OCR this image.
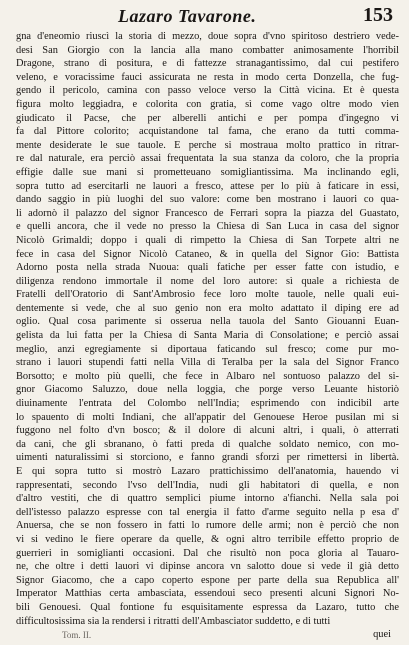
Lazaro Tavarone.	153
gna d'eneomio riuscì la storia di mezzo, doue sopra d'vno spiritoso destriero vede-
desi San Giorgio con la lancia alla mano combatter animosamente l'horribil
Dragone, strano di positura, e di fattezze stranagantissimo, dal cui pestifero
veleno, e voracissime fauci assicurata ne resta in modo certa Donzella, che fug-
gendo il pericolo, camina con passo veloce verso la Città vicina. Et è questa
figura molto leggiadra, e colorita con gratia, sì come vago oltre modo vien
giudicato il Pacse, che per alberelli antichi e per pompa d'ingegno vi
fa dal Pittore colorito; acquistandone tal fama, che erano da tutti comma-
mente desiderate le sue tauole. E perche si mostraua molto prattico in ritrar-
re dal naturale, era perciò assai frequentata la sua stanza da coloro, che la propria
effigie dalle sue mani si prometteuano somigliantissima. Ma inclinando egli,
sopra tutto ad esercitarli ne lauori a fresco, attese per lo più à faticare in essi,
dando saggio in più luoghi del suo valore: come ben mostrano i lauori co qua-
li adornò il palazzo del signor Francesco de Ferrari sopra la piazza del Guastato,
e quelli ancora, che il vede no presso la Chiesa di San Luca in casa del signor
Nicolò Grimaldi; doppo i quali di rimpetto la Chiesa di San Torpete altri ne
fece in casa del Signor Nicolò Cataneo, & in quella del Signor Gio: Battista
Adorno posta nella strada Nuoua: quali fatiche per esser fatte con istudio, e
diligenza rendono immortale il nome del loro autore: sì quale a richiesta de
Fratelli dell'Oratorio di Sant'Ambrosio fece loro molte tauole, nelle quali eui-
dentemente si vede, che al suo genio non era molto adattato il diping ere ad
oglio. Qual cosa parimente si osserua nella tauola del Santo Giouanni Euan-
gelista da lui fatta per la Chiesa di Santa Maria di Consolatione; e perciò assai
meglio, anzi egregiamente si diportaua faticando sul fresco; come pur mo-
strano i lauori stupendi fatti nella Villa di Teralba per la sala del Signor Franco
Borsotto; e molto più quelli, che fece in Albaro nel sontuoso palazzo del si-
gnor Giacomo Saluzzo, doue nella loggia, che porge verso Leuante historiò
diuinamente l'entrata del Colombo nell'India; esprimendo con indicibil arte
lo spauento di molti Indiani, che all'appatir del Genouese Heroe pusilan mi si
fuggono nel folto d'vn bosco; & il dolore di alcuni altri, i quali, ò atterrati
da cani, che gli sbranano, ò fatti preda di qualche soldato nemico, con mo-
uimenti naturalissimi si storciono, e fanno grandi sforzi per rimettersi in libertà.
E qui sopra tutto si mostrò Lazaro prattichissimo dell'anatomia, hauendo vi
rappresentati, secondo l'vso dell'India, nudi gli habitatori di quella, e non
d'altro vestiti, che di quattro semplici piume intorno a'fianchi. Nella sala poi
dell'istesso palazzo espresse con tal energia il fatto d'arme seguito nella p esa d'
Anuersa, che se non fossero in fatti lo rumore delle armi; non è perciò che non
vi si vedino le fiere operare da quelle, & ogni altro terribile effetto proprio de
guerrieri in somiglianti occasioni. Dal che risultò non poca gloria al Tauaro-
ne, che oltre i detti lauori vi dipinse ancora vn salotto doue si vede il già detto
Signor Giacomo, che a capo coperto espone per parte della sua Republica all'
Imperator Matthias certa ambasciata, essendoui seco presenti alcuni Signori No-
bili Genouesi. Qual fontione fu esquisitamente espressa da Lazaro, tutto che
difficultosissima sia la rendersi i ritratti dell'Ambasciator suddetto, e di tutti
Tom. II.	quei
